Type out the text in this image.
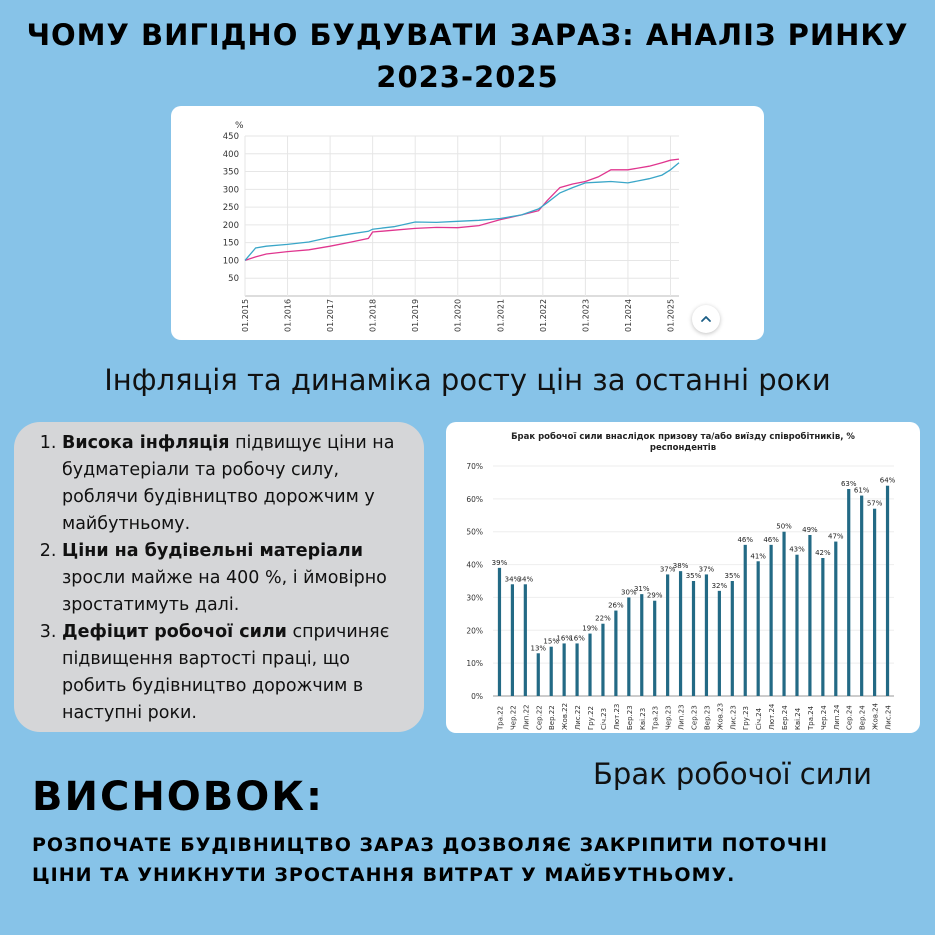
ЧОМУ ВИГІДНО БУДУВАТИ ЗАРАЗ: АНАЛІЗ РИНКУ 2023-2025
50
100
150
200
250
300
350
400
450
01.2015	01.2016	01.2017	01.2018	01.2019	01.2020	01.2021	01.2022	01.2023	01.2024	01.2025
%
Інфляція та динаміка росту цін за останні роки
1. Висока інфляція підвищує ціни на будматеріали та робочу силу, роблячи будівництво дорожчим у майбутньому.
2. Ціни на будівельні матеріали зросли майже на 400 %, і ймовірно зростатимуть далі.
3. Дефіцит робочої сили спричиняє підвищення вартості праці, що робить будівництво дорожчим в наступні роки.
Брак робочої сили внаслідок призову та/або виїзду співробітників, % респондентів
0%
10%
20%
30%
40%
50%
60%
70%
39%
34%
34%
13%
15%
16%
16%
19%
22%
26%
30%
31%
29%
37%
38%
35%
37%
32%
35%
46%
41%
46%
50%
43%
49%
42%
47%
63%
61%
57%
64%
Тра.22 Чер.22 Лип.22 Сер.22 Вер.22 Жов.22 Лис.22 Гру.22 Січ.23 Лют.23 Бер.23 Кві.23 Тра.23 Чер.23 Лип.23 Сер.23 Вер.23 Жов.23 Лис.23 Гру.23 Січ.24 Лют.24 Бер.24 Кві.24 Тра.24 Чер.24 Лип.24 Сер.24 Вер.24 Жов.24 Лис.24
Брак робочої сили
ВИСНОВОК:
РОЗПОЧАТЕ БУДІВНИЦТВО ЗАРАЗ ДОЗВОЛЯЄ ЗАКРІПИТИ ПОТОЧНІ ЦІНИ ТА УНИКНУТИ ЗРОСТАННЯ ВИТРАТ У МАЙБУТНЬОМУ.
